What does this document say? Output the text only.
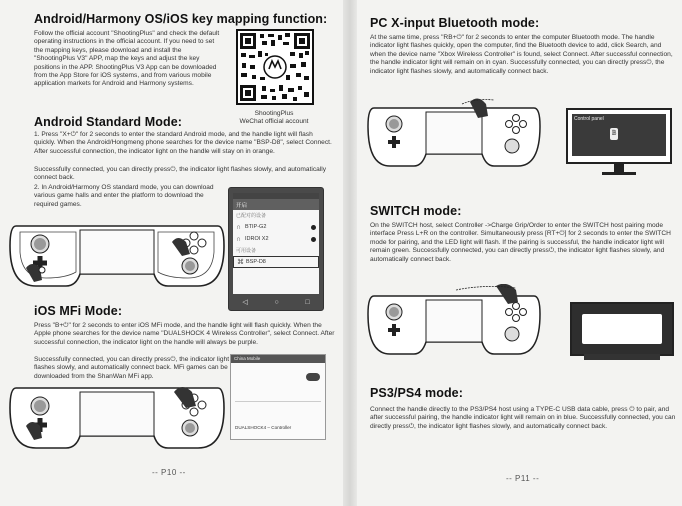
Android/Harmony OS/iOS key mapping function:

Follow the official account "ShootingPlus" and check the default operating instructions in the official account. If you need to set the mapping keys, please download and install the "ShootingPlus V3" APP, map the keys and adjust the key positions in the APP. ShootingPlus V3 App can be downloaded from the App Store for iOS systems, and from various mobile application markets for Android and Harmony systems.

ShootingPlus
WeChat official account
Android Standard Mode:

1. Press "X+⏻" for 2 seconds to enter the standard Android mode, and the handle light will flash quickly. When the Android/Hongmeng phone searches for the device name "BSP-D8", select Connect. After successful connection, the indicator light on the handle will stay on in orange.

Successfully connected, you can directly press⏻, the indicator light flashes slowly, and automatically connect back.

2. In Android/Harmony OS standard mode, you can download various game halls and enter the platform to download the required games.	开启
已配对的设备
∩ BTIP-G2
∩ IDROI X2
可用设备
⌘ BSP-D8
◁	○	□
iOS MFi Mode:

Press "B+⏻" for 2 seconds to enter iOS MFi mode, and the handle light will flash quickly. When the Apple phone searches for the device name "DUALSHOCK 4 Wireless Controller", select Connect. After successful connection, the indicator light on the handle will always be purple.

Successfully connected, you can directly press⏻, the indicator light flashes slowly, and automatically connect back. MFi games can be downloaded from the ShanWan MFi app.

China Mobile
DUALSHOCK4 – Controller
-- P10 --
PC X-input Bluetooth mode:

At the same time, press "RB+⏻" for 2 seconds to enter the computer Bluetooth mode. The handle indicator light flashes quickly, open the computer, find the Bluetooth device to add, click Search, and when the device name "Xbox Wireless Controller" is found, select Connect. After successful connection, the handle indicator light will remain on in cyan. Successfully connected, you can directly press⏻, the indicator light flashes slowly, and automatically connect back.

Control panel
𝔹
SWITCH mode:

On the SWITCH host, select Controller ->Charge Grip/Order to enter the SWITCH host pairing mode interface Press L+R on the controller. Simultaneously press [RT+⏻] for 2 seconds to enter the SWITCH mode for pairing, and the LED light will flash. If the pairing is successful, the handle indicator light will remain green. Successfully connected, you can directly press⏻, the indicator light flashes slowly, and automatically connect back.

PS3/PS4 mode:

Connect the handle directly to the PS3/PS4 host using a TYPE-C USB data cable, press ⏻ to pair, and after successful pairing, the handle indicator light will remain on in blue. Successfully connected, you can directly press⏻, the indicator light flashes slowly, and automatically connect back.

-- P11 --
